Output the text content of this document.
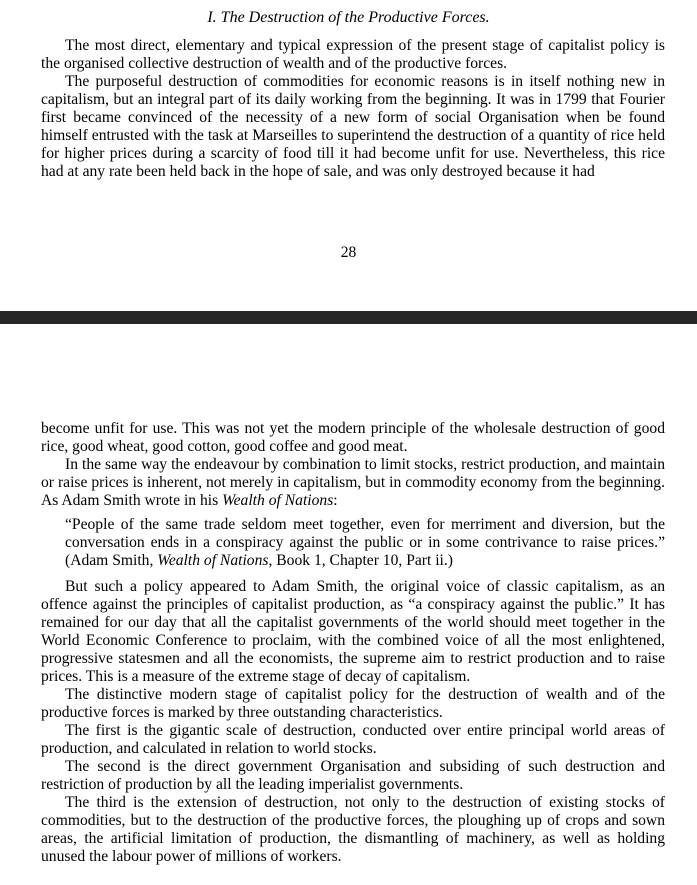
I. The Destruction of the Productive Forces.

The most direct, elementary and typical expression of the present stage of capitalist policy is the organised collective destruction of wealth and of the productive forces.

The purposeful destruction of commodities for economic reasons is in itself nothing new in capitalism, but an integral part of its daily working from the beginning. It was in 1799 that Fourier first became convinced of the necessity of a new form of social Organisation when be found himself entrusted with the task at Marseilles to superintend the destruction of a quantity of rice held for higher prices during a scarcity of food till it had become unfit for use. Nevertheless, this rice had at any rate been held back in the hope of sale, and was only destroyed because it had

28

become unfit for use. This was not yet the modern principle of the wholesale destruction of good rice, good wheat, good cotton, good coffee and good meat.

In the same way the endeavour by combination to limit stocks, restrict production, and maintain or raise prices is inherent, not merely in capitalism, but in commodity economy from the beginning. As Adam Smith wrote in his Wealth of Nations:

“People of the same trade seldom meet together, even for merriment and diversion, but the conversation ends in a conspiracy against the public or in some contrivance to raise prices.” (Adam Smith, Wealth of Nations, Book 1, Chapter 10, Part ii.)

But such a policy appeared to Adam Smith, the original voice of classic capitalism, as an offence against the principles of capitalist production, as “a conspiracy against the public.” It has remained for our day that all the capitalist governments of the world should meet together in the World Economic Conference to proclaim, with the combined voice of all the most enlightened, progressive statesmen and all the economists, the supreme aim to restrict production and to raise prices. This is a measure of the extreme stage of decay of capitalism.

The distinctive modern stage of capitalist policy for the destruction of wealth and of the productive forces is marked by three outstanding characteristics.

The first is the gigantic scale of destruction, conducted over entire principal world areas of production, and calculated in relation to world stocks.

The second is the direct government Organisation and subsiding of such destruction and restriction of production by all the leading imperialist governments.

The third is the extension of destruction, not only to the destruction of existing stocks of commodities, but to the destruction of the productive forces, the ploughing up of crops and sown areas, the artificial limitation of production, the dismantling of machinery, as well as holding unused the labour power of millions of workers.
